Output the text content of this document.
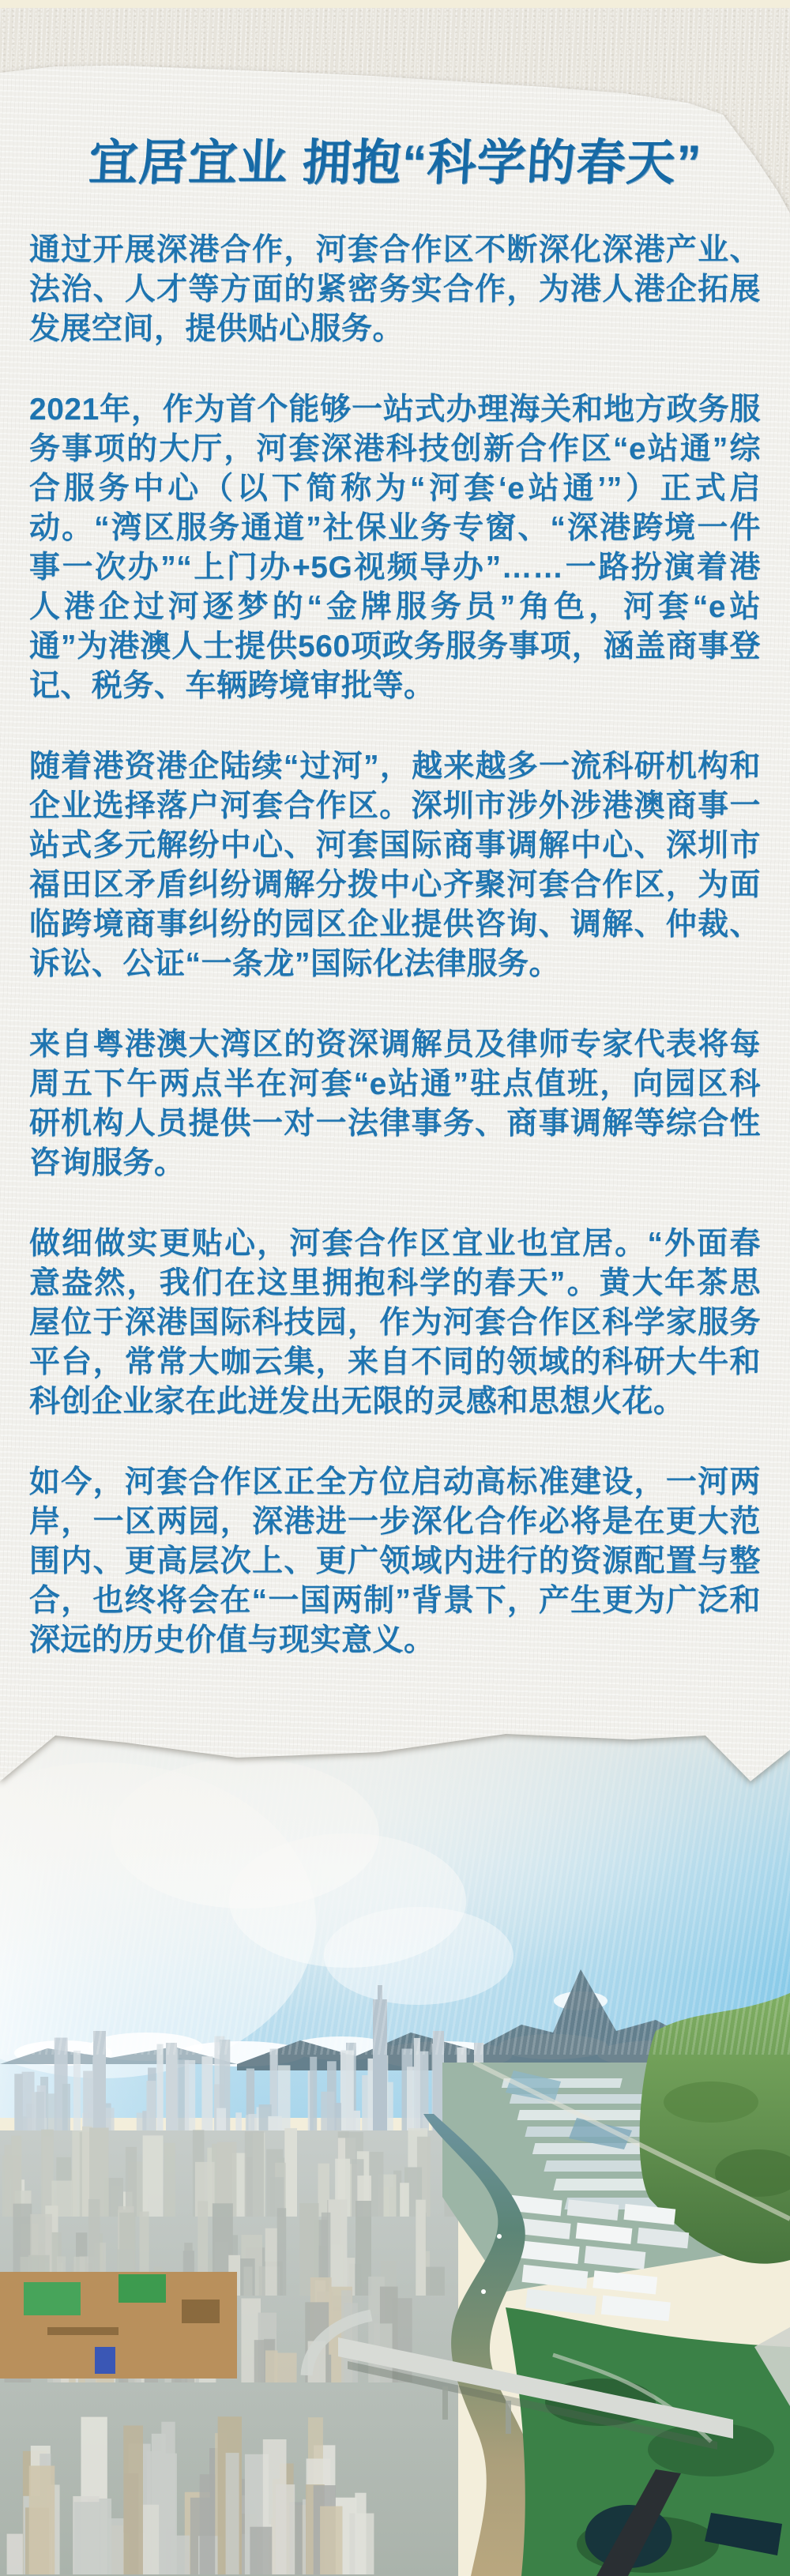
宜居宜业 拥抱“科学的春天”

通过开展深港合作，河套合作区不断深化深港产业、法治、人才等方面的紧密务实合作，为港人港企拓展发展空间，提供贴心服务。

2021年，作为首个能够一站式办理海关和地方政务服务事项的大厅，河套深港科技创新合作区“e站通”综合服务中心（以下简称为“河套‘e站通’”）正式启动。“湾区服务通道”社保业务专窗、“深港跨境一件事一次办”“上门办+5G视频导办”……一路扮演着港人港企过河逐梦的“金牌服务员”角色，河套“e站通”为港澳人士提供560项政务服务事项，涵盖商事登记、税务、车辆跨境审批等。

随着港资港企陆续“过河”，越来越多一流科研机构和企业选择落户河套合作区。深圳市涉外涉港澳商事一站式多元解纷中心、河套国际商事调解中心、深圳市福田区矛盾纠纷调解分拨中心齐聚河套合作区，为面临跨境商事纠纷的园区企业提供咨询、调解、仲裁、诉讼、公证“一条龙”国际化法律服务。

来自粤港澳大湾区的资深调解员及律师专家代表将每周五下午两点半在河套“e站通”驻点值班，向园区科研机构人员提供一对一法律事务、商事调解等综合性咨询服务。

做细做实更贴心，河套合作区宜业也宜居。“外面春意盎然，我们在这里拥抱科学的春天”。黄大年茶思屋位于深港国际科技园，作为河套合作区科学家服务平台，常常大咖云集，来自不同的领域的科研大牛和科创企业家在此迸发出无限的灵感和思想火花。

如今，河套合作区正全方位启动高标准建设，一河两岸，一区两园，深港进一步深化合作必将是在更大范围内、更高层次上、更广领域内进行的资源配置与整合，也终将会在“一国两制”背景下，产生更为广泛和深远的历史价值与现实意义。
